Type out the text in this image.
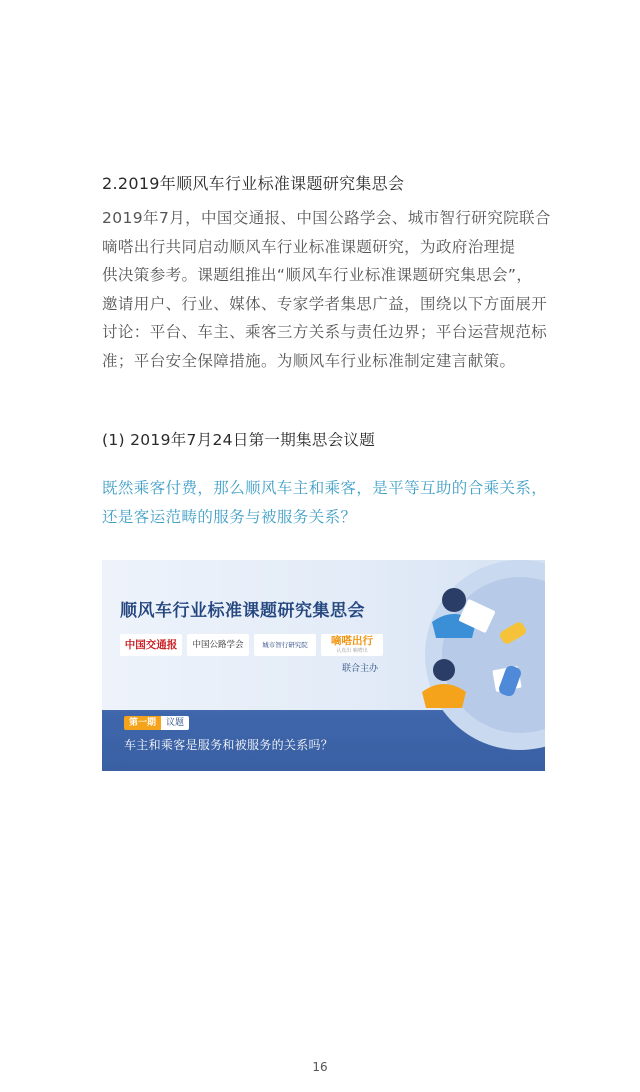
2.2019年顺风车行业标准课题研究集思会
2019年7月，中国交通报、中国公路学会、城市智行研究院联合
嘀嗒出行共同启动顺风车行业标准课题研究，为政府治理提
供决策参考。课题组推出“顺风车行业标准课题研究集思会”，
邀请用户、行业、媒体、专家学者集思广益，围绕以下方面展开
讨论：平台、车主、乘客三方关系与责任边界；平台运营规范标
准；平台安全保障措施。为顺风车行业标准制定建言献策。
(1) 2019年7月24日第一期集思会议题
既然乘客付费，那么顺风车主和乘客，是平等互助的合乘关系，
还是客运范畴的服务与被服务关系？
顺风车行业标准课题研究集思会
中国交通报	中国公路学会	城市智行研究院	嘀嗒出行
认真出 嘀嗒出
联合主办
第一期 议题
车主和乘客是服务和被服务的关系吗？
16
